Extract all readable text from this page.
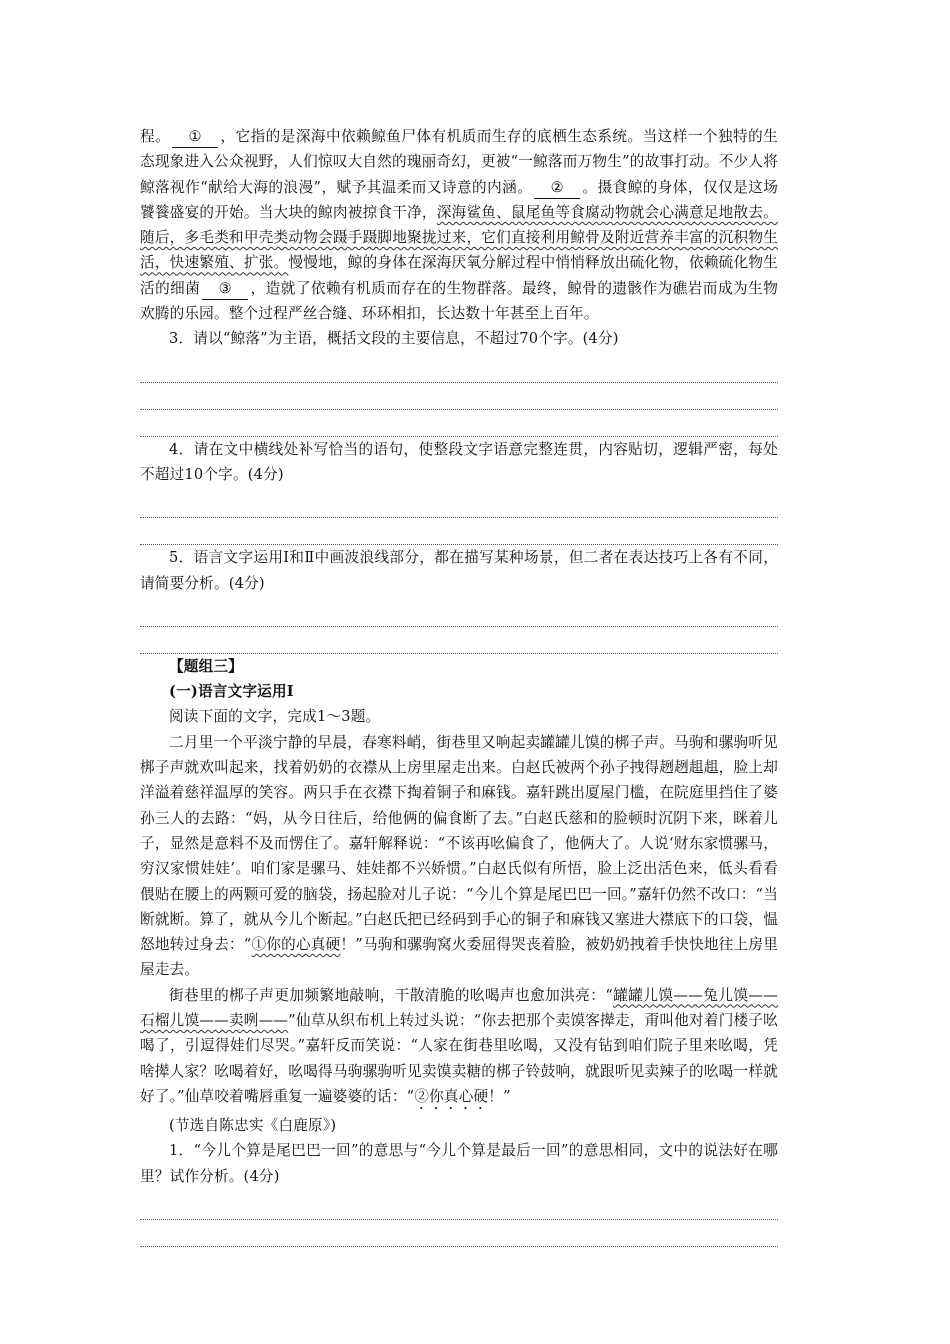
程。 ① ，它指的是深海中依赖鲸鱼尸体有机质而生存的底栖生态系统。当这样一个独特的生态现象进入公众视野，人们惊叹大自然的瑰丽奇幻，更被“一鲸落而万物生”的故事打动。不少人将鲸落视作“献给大海的浪漫”，赋予其温柔而又诗意的内涵。 ② 。摄食鲸的身体，仅仅是这场饕餮盛宴的开始。当大块的鲸肉被掠食干净，深海鲨鱼、鼠尾鱼等食腐动物就会心满意足地散去。随后，多毛类和甲壳类动物会蹑手蹑脚地聚拢过来，它们直接利用鲸骨及附近营养丰富的沉积物生活，快速繁殖、扩张。慢慢地，鲸的身体在深海厌氧分解过程中悄悄释放出硫化物，依赖硫化物生活的细菌 ③ ，造就了依赖有机质而存在的生物群落。最终，鲸骨的遗骸作为礁岩而成为生物欢腾的乐园。整个过程严丝合缝、环环相扣，长达数十年甚至上百年。

3．请以“鲸落”为主语，概括文段的主要信息，不超过70个字。(4分)

4．请在文中横线处补写恰当的语句，使整段文字语意完整连贯，内容贴切，逻辑严密，每处不超过10个字。(4分)

5．语言文字运用Ⅰ和Ⅱ中画波浪线部分，都在描写某种场景，但二者在表达技巧上各有不同，请简要分析。(4分)

【题组三】

(一)语言文字运用Ⅰ

阅读下面的文字，完成1～3题。

二月里一个平淡宁静的早晨，春寒料峭，街巷里又响起卖罐罐儿馍的梆子声。马驹和骡驹听见梆子声就欢叫起来，找着奶奶的衣襟从上房里屋走出来。白赵氏被两个孙子拽得趔趔趄趄，脸上却洋溢着慈祥温厚的笑容。两只手在衣襟下掏着铜子和麻钱。嘉轩跳出厦屋门槛，在院庭里挡住了婆孙三人的去路：“妈，从今日往后，给他俩的偏食断了去。”白赵氏慈和的脸顿时沉阴下来，眯着儿子，显然是意料不及而愣住了。嘉轩解释说：“不该再吆偏食了，他俩大了。人说‘财东家惯骡马，穷汉家惯娃娃’。咱们家是骡马、娃娃都不兴娇惯。”白赵氏似有所悟，脸上泛出活色来，低头看看偎贴在腰上的两颗可爱的脑袋，扬起脸对儿子说：“今儿个算是尾巴巴一回。”嘉轩仍然不改口：“当断就断。算了，就从今儿个断起。”白赵氏把已经码到手心的铜子和麻钱又塞进大襟底下的口袋，愠怒地转过身去：“①你的心真硬！”马驹和骡驹窝火委屈得哭丧着脸，被奶奶拽着手快快地往上房里屋走去。

街巷里的梆子声更加频繁地敲响，干散清脆的吆喝声也愈加洪亮：“罐罐儿馍——兔儿馍——石榴儿馍——卖咧——”仙草从织布机上转过头说：“你去把那个卖馍客撵走，甭叫他对着门楼子吆喝了，引逗得娃们尽哭。”嘉轩反而笑说：“人家在街巷里吆喝，又没有钻到咱们院子里来吆喝，凭啥撵人家？吆喝着好，吆喝得马驹骡驹听见卖馍卖糖的梆子铃鼓响，就跟听见卖辣子的吆喝一样就好了。”仙草咬着嘴唇重复一遍婆婆的话：“②你真心硬！”

(节选自陈忠实《白鹿原》)

1．“今儿个算是尾巴巴一回”的意思与“今儿个算是最后一回”的意思相同，文中的说法好在哪里？试作分析。(4分)
